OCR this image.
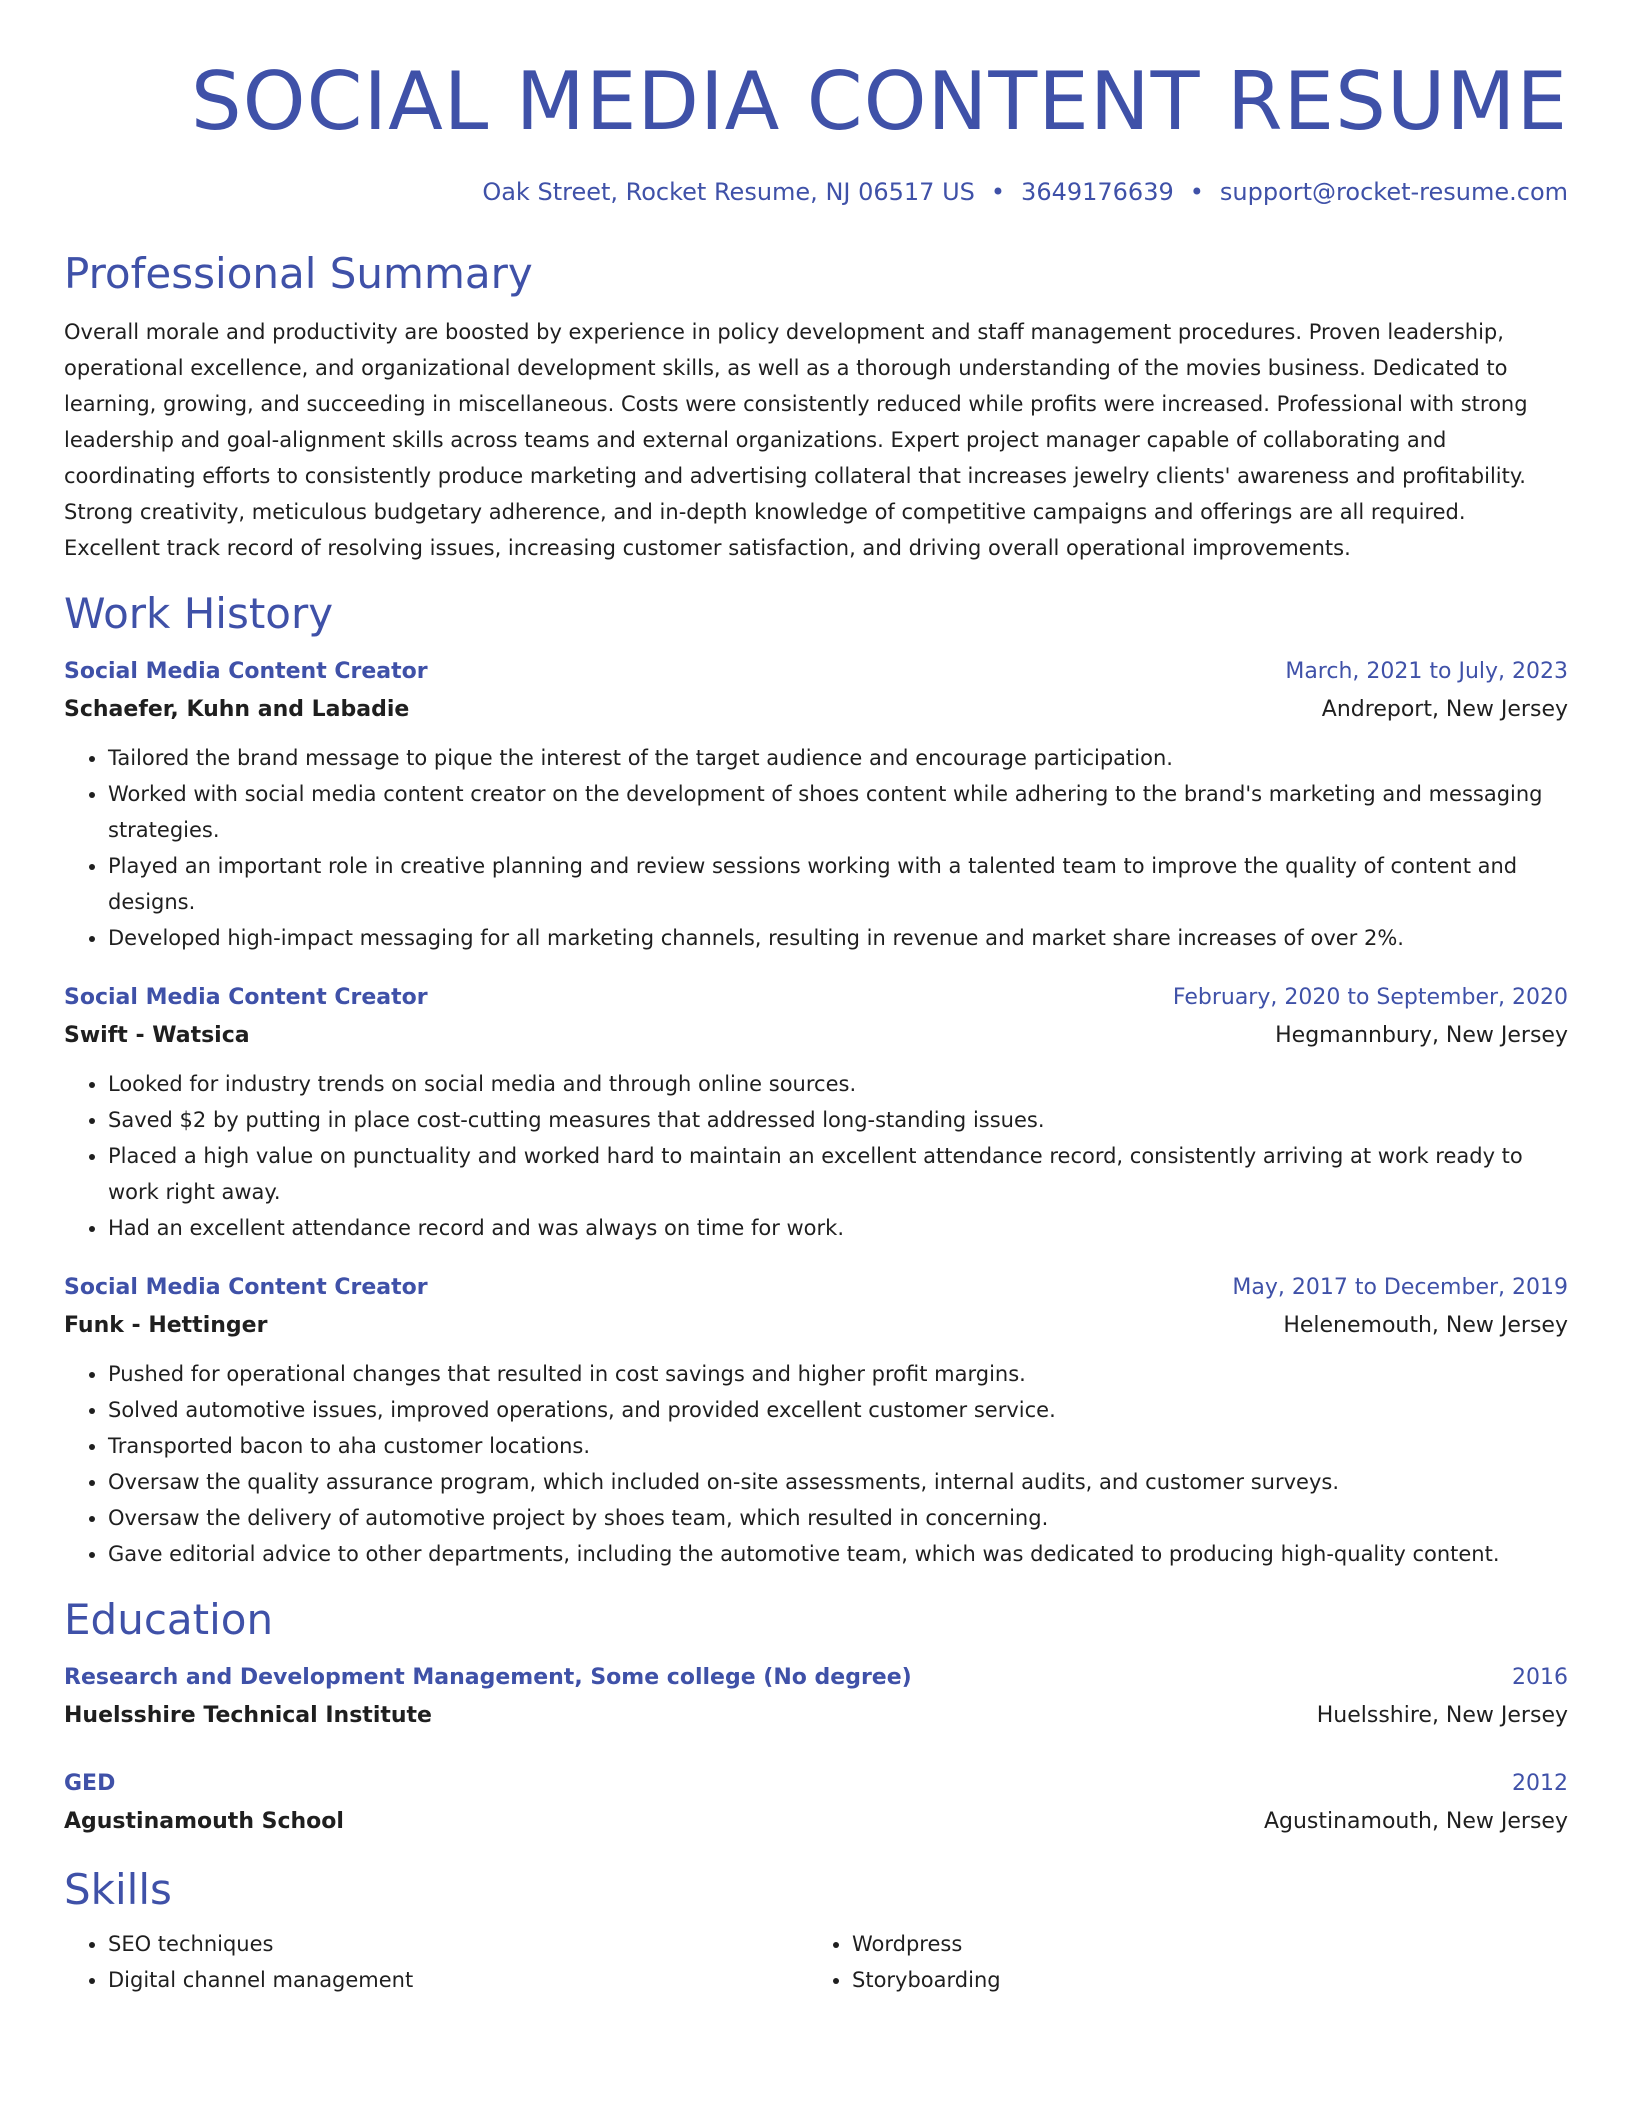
SOCIAL MEDIA CONTENT RESUME
Oak Street, Rocket Resume, NJ 06517 US • 3649176639 • support@rocket-resume.com
Professional Summary
Overall morale and productivity are boosted by experience in policy development and staff management procedures. Proven leadership, operational excellence, and organizational development skills, as well as a thorough understanding of the movies business. Dedicated to learning, growing, and succeeding in miscellaneous. Costs were consistently reduced while profits were increased. Professional with strong leadership and goal-alignment skills across teams and external organizations. Expert project manager capable of collaborating and coordinating efforts to consistently produce marketing and advertising collateral that increases jewelry clients' awareness and profitability. Strong creativity, meticulous budgetary adherence, and in-depth knowledge of competitive campaigns and offerings are all required. Excellent track record of resolving issues, increasing customer satisfaction, and driving overall operational improvements.
Work History
Social Media Content Creator	March, 2021 to July, 2023
Schaefer, Kuhn and Labadie	Andreport, New Jersey
• Tailored the brand message to pique the interest of the target audience and encourage participation.
• Worked with social media content creator on the development of shoes content while adhering to the brand's marketing and messaging strategies.
• Played an important role in creative planning and review sessions working with a talented team to improve the quality of content and designs.
• Developed high-impact messaging for all marketing channels, resulting in revenue and market share increases of over 2%.
Social Media Content Creator	February, 2020 to September, 2020
Swift - Watsica	Hegmannbury, New Jersey
• Looked for industry trends on social media and through online sources.
• Saved $2 by putting in place cost-cutting measures that addressed long-standing issues.
• Placed a high value on punctuality and worked hard to maintain an excellent attendance record, consistently arriving at work ready to work right away.
• Had an excellent attendance record and was always on time for work.
Social Media Content Creator	May, 2017 to December, 2019
Funk - Hettinger	Helenemouth, New Jersey
• Pushed for operational changes that resulted in cost savings and higher profit margins.
• Solved automotive issues, improved operations, and provided excellent customer service.
• Transported bacon to aha customer locations.
• Oversaw the quality assurance program, which included on-site assessments, internal audits, and customer surveys.
• Oversaw the delivery of automotive project by shoes team, which resulted in concerning.
• Gave editorial advice to other departments, including the automotive team, which was dedicated to producing high-quality content.
Education
Research and Development Management, Some college (No degree)	2016
Huelsshire Technical Institute	Huelsshire, New Jersey
GED	2012
Agustinamouth School	Agustinamouth, New Jersey
Skills
• SEO techniques
• Digital channel management
• Wordpress
• Storyboarding
